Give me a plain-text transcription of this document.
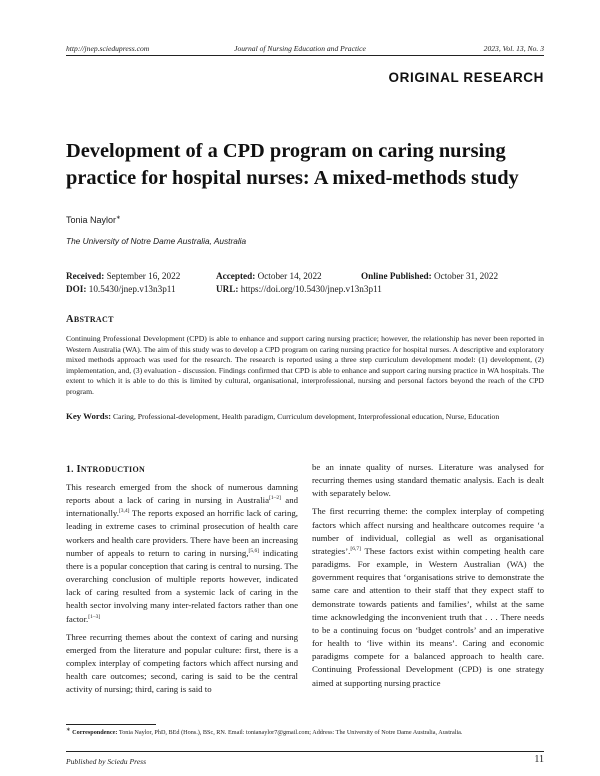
http://jnep.sciedupress.com	Journal of Nursing Education and Practice	2023, Vol. 13, No. 3
ORIGINAL RESEARCH
Development of a CPD program on caring nursing
practice for hospital nurses: A mixed-methods study
Tonia Naylor∗
The University of Notre Dame Australia, Australia
Received: September 16, 2022	Accepted: October 14, 2022	Online Published: October 31, 2022
DOI: 10.5430/jnep.v13n3p11	URL: https://doi.org/10.5430/jnep.v13n3p11
ABSTRACT
Continuing Professional Development (CPD) is able to enhance and support caring nursing practice; however, the relationship has never been reported in Western Australia (WA). The aim of this study was to develop a CPD program on caring nursing practice for hospital nurses. A descriptive and exploratory mixed methods approach was used for the research. The research is reported using a three step curriculum development model: (1) development, (2) implementation, and, (3) evaluation - discussion. Findings confirmed that CPD is able to enhance and support caring nursing practice in WA hospitals. The extent to which it is able to do this is limited by cultural, organisational, interprofessional, nursing and personal factors beyond the reach of the CPD program.
Key Words: Caring, Professional-development, Health paradigm, Curriculum development, Interprofessional education, Nurse, Education
1. INTRODUCTION

This research emerged from the shock of numerous damning reports about a lack of caring in nursing in Australia[1–2] and internationally.[3,4] The reports exposed an horrific lack of caring, leading in extreme cases to criminal prosecution of health care workers and health care providers. There have been an increasing number of appeals to return to caring in nursing,[5,6] indicating there is a popular conception that caring is central to nursing. The overarching conclusion of multiple reports however, indicated lack of caring resulted from a systemic lack of caring in the health sector involving many inter-related factors rather than one factor.[1–3]

Three recurring themes about the context of caring and nursing emerged from the literature and popular culture: first, there is a complex interplay of competing factors which affect nursing and health care outcomes; second, caring is said to be the central activity of nursing; third, caring is said to

be an innate quality of nurses. Literature was analysed for recurring themes using standard thematic analysis. Each is dealt with separately below.

The first recurring theme: the complex interplay of competing factors which affect nursing and healthcare outcomes require ‘a number of individual, collegial as well as organisational strategies’.[6,7] These factors exist within competing health care paradigms. For example, in Western Australian (WA) the government requires that ‘organisations strive to demonstrate the same care and attention to their staff that they expect staff to demonstrate towards patients and families’, whilst at the same time acknowledging the inconvenient truth that . . . There needs to be a continuing focus on ‘budget controls’ and an imperative for health to ‘live within its means’. Caring and economic paradigms compete for a balanced approach to health care. Continuing Professional Development (CPD) is one strategy aimed at supporting nursing practice

∗ Correspondence: Tonia Naylor, PhD, BEd (Hons.), BSc, RN. Email: tonianaylor7@gmail.com; Address: The University of Notre Dame Australia, Australia.
Published by Sciedu Press	11
